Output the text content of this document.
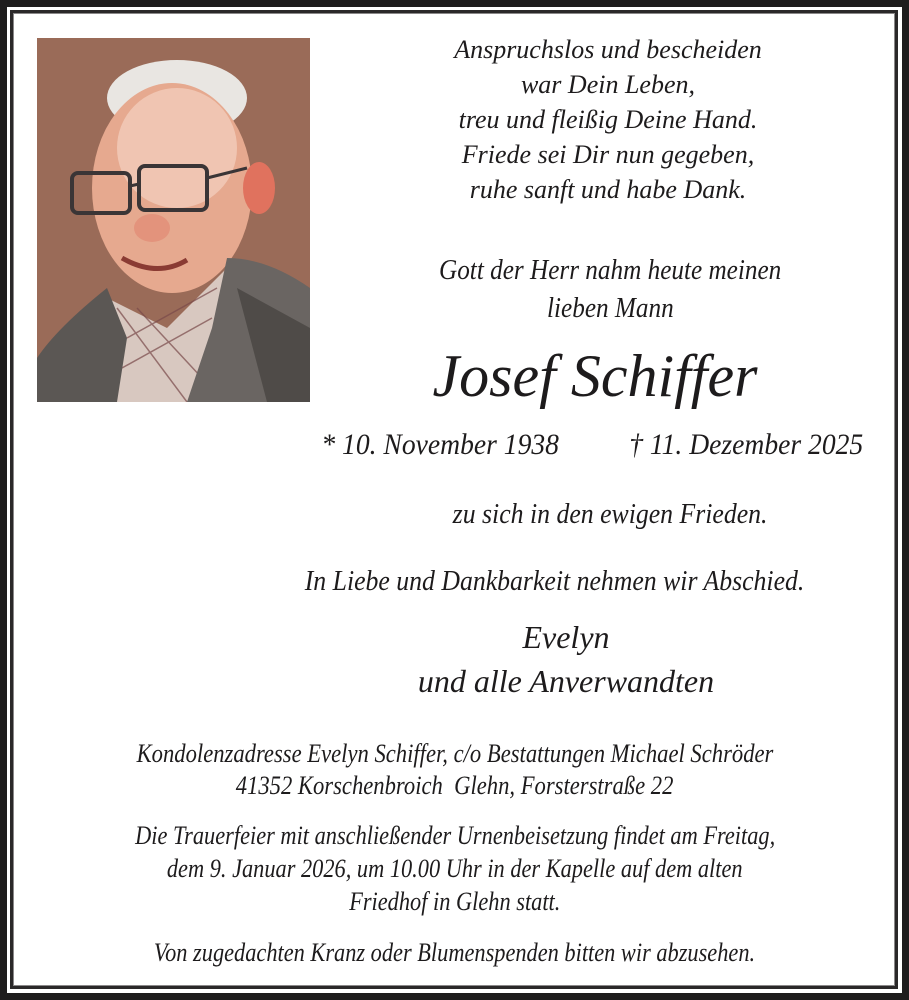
Anspruchslos und bescheiden

war Dein Leben,

treu und fleißig Deine Hand.

Friede sei Dir nun gegeben,

ruhe sanft und habe Dank.

Gott der Herr nahm heute meinen

lieben Mann

Josef Schiffer

* 10. November 1938	† 11. Dezember 2025

zu sich in den ewigen Frieden.

In Liebe und Dankbarkeit nehmen wir Abschied.

Evelyn

und alle Anverwandten

Kondolenzadresse Evelyn Schiffer, c/o Bestattungen Michael Schröder

41352 Korschenbroich  Glehn, Forsterstraße 22

Die Trauerfeier mit anschließender Urnenbeisetzung findet am Freitag,

dem 9. Januar 2026, um 10.00 Uhr in der Kapelle auf dem alten

Friedhof in Glehn statt.

Von zugedachten Kranz oder Blumenspenden bitten wir abzusehen.
